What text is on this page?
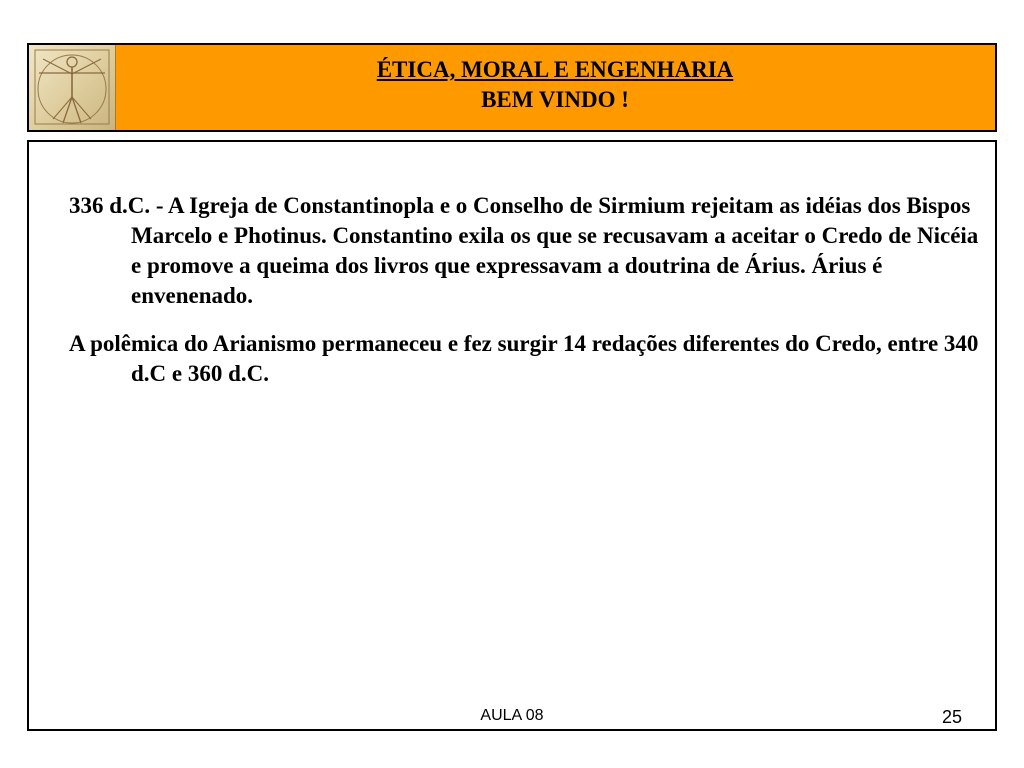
ÉTICA, MORAL E ENGENHARIA
BEM VINDO !

336 d.C. - A Igreja de Constantinopla e o Conselho de Sirmium rejeitam as idéias dos Bispos Marcelo e Photinus. Constantino exila os que se recusavam a aceitar o Credo de Nicéia e promove a queima dos livros que expressavam a doutrina de Árius. Árius é envenenado.

A polêmica do Arianismo permaneceu e fez surgir 14 redações diferentes do Credo, entre 340 d.C e 360 d.C.

AULA 08	25
